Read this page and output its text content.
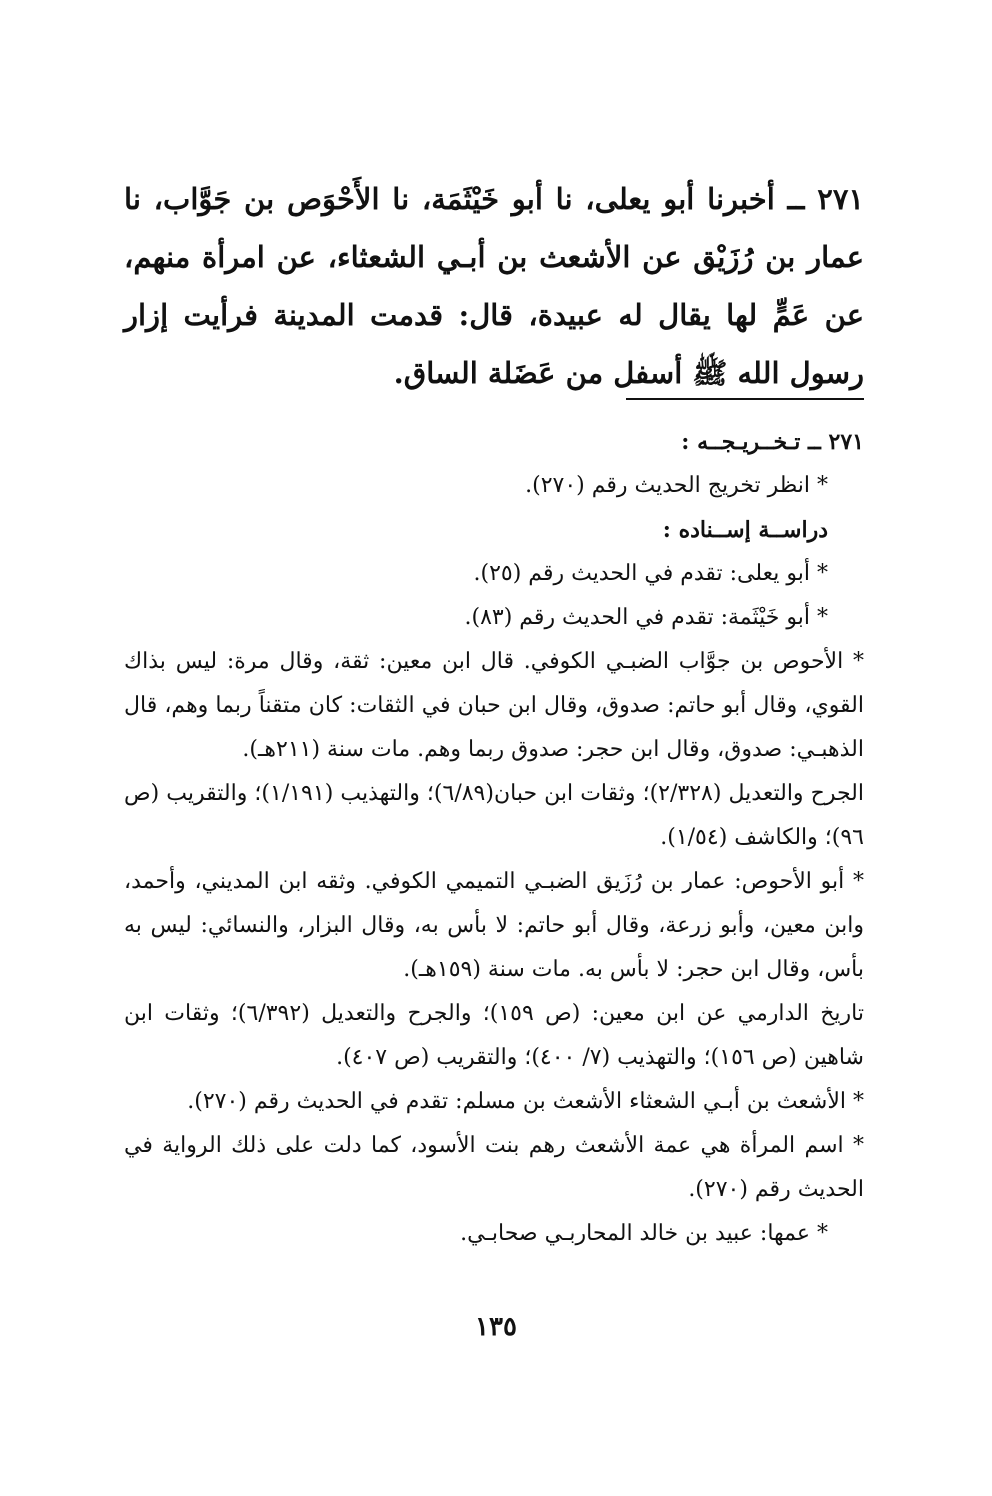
٢٧١ ــ أخبرنا أبو يعلى، نا أبو خَيْثَمَة، نا الأَحْوَص بن جَوَّاب، نا عمار بن رُزَيْق عن الأشعث بن أبـي الشعثاء، عن امرأة منهم، عن عَمٍّ لها يقال له عبيدة، قال: قدمت المدينة فرأيت إزار رسول الله ﷺ أسفل من عَضَلة الساق.

٢٧١ ــ تـخــريـجــه :

* انظر تخريج الحديث رقم (٢٧٠).

دراســة إســناده :

* أبو يعلى: تقدم في الحديث رقم (٢٥).

* أبو خَيْثَمة: تقدم في الحديث رقم (٨٣).

* الأحوص بن جوَّاب الضبـي الكوفي. قال ابن معين: ثقة، وقال مرة: ليس بذاك القوي، وقال أبو حاتم: صدوق، وقال ابن حبان في الثقات: كان متقناً ربما وهم، قال الذهبـي: صدوق، وقال ابن حجر: صدوق ربما وهم. مات سنة (٢١١هـ).

الجرح والتعديل (٢/٣٢٨)؛ وثقات ابن حبان(٦/٨٩)؛ والتهذيب (١/١٩١)؛ والتقريب (ص ٩٦)؛ والكاشف (١/٥٤).

* أبو الأحوص: عمار بن رُزَيق الضبـي التميمي الكوفي. وثقه ابن المديني، وأحمد، وابن معين، وأبو زرعة، وقال أبو حاتم: لا بأس به، وقال البزار، والنسائي: ليس به بأس، وقال ابن حجر: لا بأس به. مات سنة (١٥٩هـ).

تاريخ الدارمي عن ابن معين: (ص ١٥٩)؛ والجرح والتعديل (٦/٣٩٢)؛ وثقات ابن شاهين (ص ١٥٦)؛ والتهذيب (٧/ ٤٠٠)؛ والتقريب (ص ٤٠٧).

* الأشعث بن أبـي الشعثاء الأشعث بن مسلم: تقدم في الحديث رقم (٢٧٠).

* اسم المرأة هي عمة الأشعث رهم بنت الأسود، كما دلت على ذلك الرواية في الحديث رقم (٢٧٠).

* عمها: عبيد بن خالد المحاربـي صحابـي.

١٣٥
